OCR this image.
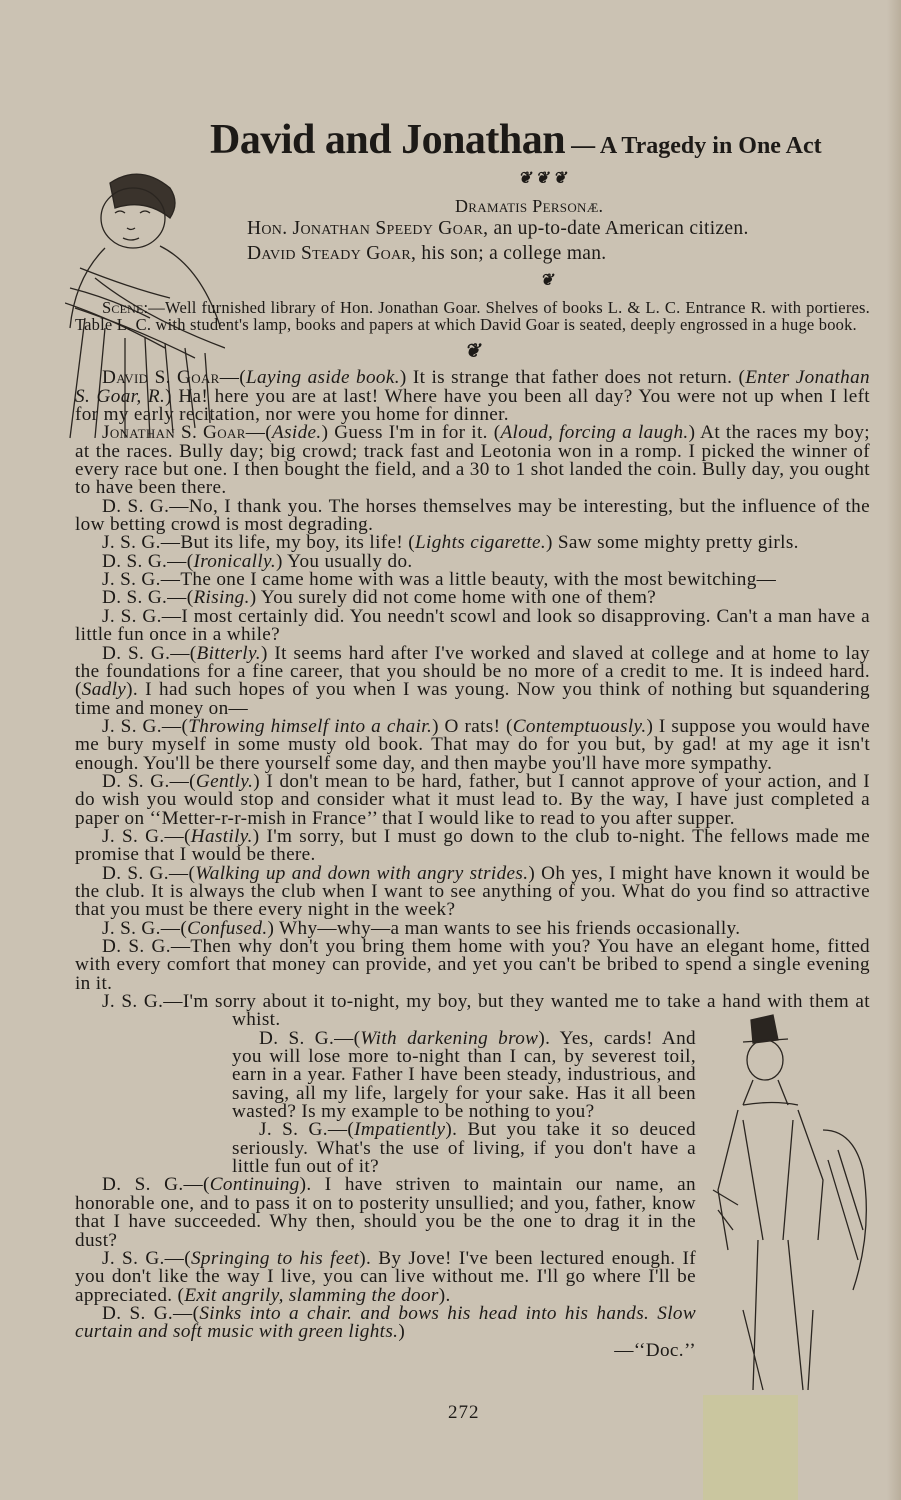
David and Jonathan — A Tragedy in One Act
❦ ❦ ❦
Dramatis Personæ.
Hon. Jonathan Speedy Goar, an up-to-date American citizen.
David Steady Goar, his son; a college man.
❦

Scene:—Well furnished library of Hon. Jonathan Goar. Shelves of books L. & L. C. Entrance R. with portieres. Table L. C. with student's lamp, books and papers at which David Goar is seated, deeply engrossed in a huge book.

❦

David S. Goar—(Laying aside book.) It is strange that father does not return. (Enter Jonathan S. Goar, R.) Ha! here you are at last! Where have you been all day? You were not up when I left for my early recitation, nor were you home for dinner.

Jonathan S. Goar—(Aside.) Guess I'm in for it. (Aloud, forcing a laugh.) At the races my boy; at the races. Bully day; big crowd; track fast and Leotonia won in a romp. I picked the winner of every race but one. I then bought the field, and a 30 to 1 shot landed the coin. Bully day, you ought to have been there.

D. S. G.—No, I thank you. The horses themselves may be interesting, but the influence of the low betting crowd is most degrading.

J. S. G.—But its life, my boy, its life! (Lights cigarette.) Saw some mighty pretty girls.

D. S. G.—(Ironically.) You usually do.

J. S. G.—The one I came home with was a little beauty, with the most bewitching—

D. S. G.—(Rising.) You surely did not come home with one of them?

J. S. G.—I most certainly did. You needn't scowl and look so disapproving. Can't a man have a little fun once in a while?

D. S. G.—(Bitterly.) It seems hard after I've worked and slaved at college and at home to lay the foundations for a fine career, that you should be no more of a credit to me. It is indeed hard. (Sadly). I had such hopes of you when I was young. Now you think of nothing but squandering time and money on—

J. S. G.—(Throwing himself into a chair.) O rats! (Contemptuously.) I suppose you would have me bury myself in some musty old book. That may do for you but, by gad! at my age it isn't enough. You'll be there yourself some day, and then maybe you'll have more sympathy.

D. S. G.—(Gently.) I don't mean to be hard, father, but I cannot approve of your action, and I do wish you would stop and consider what it must lead to. By the way, I have just completed a paper on ‘‘Metter-r-r-mish in France’’ that I would like to read to you after supper.

J. S. G.—(Hastily.) I'm sorry, but I must go down to the club to-night. The fellows made me promise that I would be there.

D. S. G.—(Walking up and down with angry strides.) Oh yes, I might have known it would be the club. It is always the club when I want to see anything of you. What do you find so attractive that you must be there every night in the week?

J. S. G.—(Confused.) Why—why—a man wants to see his friends occasionally.

D. S. G.—Then why don't you bring them home with you? You have an elegant home, fitted with every comfort that money can provide, and yet you can't be bribed to spend a single evening in it.

J. S. G.—I'm sorry about it to-night, my boy, but they wanted me to take a hand with them at whist.

D. S. G.—(With darkening brow). Yes, cards! And you will lose more to-night than I can, by severest toil, earn in a year. Father I have been steady, industrious, and saving, all my life, largely for your sake. Has it all been wasted? Is my example to be nothing to you?

J. S. G.—(Impatiently). But you take it so deuced seriously. What's the use of living, if you don't have a little fun out of it?

D. S. G.—(Continuing). I have striven to maintain our name, an honorable one, and to pass it on to posterity unsullied; and you, father, know that I have succeeded. Why then, should you be the one to drag it in the dust?

J. S. G.—(Springing to his feet). By Jove! I've been lectured enough. If you don't like the way I live, you can live without me. I'll go where I'll be appreciated. (Exit angrily, slamming the door).

D. S. G.—(Sinks into a chair. and bows his head into his hands. Slow curtain and soft music with green lights.)

—‘‘Doc.’’

272
